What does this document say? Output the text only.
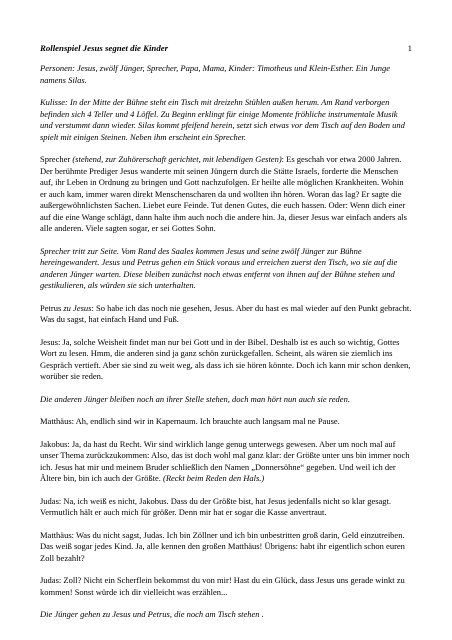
Rollenspiel Jesus segnet die Kinder	1

Personen: Jesus, zwölf Jünger, Sprecher, Papa, Mama, Kinder: Timotheus und Klein-Esther. Ein Junge namens Silas.

Kulisse: In der Mitte der Bühne steht ein Tisch mit dreizehn Stühlen außen herum. Am Rand verborgen befinden sich 4 Teller und 4 Löffel. Zu Beginn erklingt für einige Momente fröhliche instrumentale Musik und verstummt dann wieder. Silas kommt pfeifend herein, setzt sich etwas vor dem Tisch auf den Boden und spielt mit einigen Steinen. Neben ihm erscheint ein Sprecher.

Sprecher (stehend, zur Zuhörerschaft gerichtet, mit lebendigen Gesten): Es geschah vor etwa 2000 Jahren. Der berühmte Prediger Jesus wanderte mit seinen Jüngern durch die Stätte Israels, forderte die Menschen auf, ihr Leben in Ordnung zu bringen und Gott nachzufolgen. Er heilte alle möglichen Krankheiten. Wohin er auch kam, immer waren direkt Menschenscharen da und wollten ihn hören. Woran das lag? Er sagte die außergewöhnlichsten Sachen. Liebet eure Feinde. Tut denen Gutes, die euch hassen. Oder: Wenn dich einer auf die eine Wange schlägt, dann halte ihm auch noch die andere hin. Ja, dieser Jesus war einfach anders als alle anderen. Viele sagten sogar, er sei Gottes Sohn.

Sprecher tritt zur Seite. Vom Rand des Saales kommen Jesus und seine zwölf Jünger zur Bühne hereingewandert. Jesus und Petrus gehen ein Stück voraus und erreichen zuerst den Tisch, wo sie auf die anderen Jünger warten. Diese bleiben zunächst noch etwas entfernt von ihnen auf der Bühne stehen und gestikulieren, als würden sie sich unterhalten.

Petrus zu Jesus: So habe ich das noch nie gesehen, Jesus. Aber du hast es mal wieder auf den Punkt gebracht. Was du sagst, hat einfach Hand und Fuß.

Jesus: Ja, solche Weisheit findet man nur bei Gott und in der Bibel. Deshalb ist es auch so wichtig, Gottes Wort zu lesen. Hmm, die anderen sind ja ganz schön zurückgefallen. Scheint, als wären sie ziemlich ins Gespräch vertieft. Aber sie sind zu weit weg, als dass ich sie hören könnte. Doch ich kann mir schon denken, worüber sie reden.

Die anderen Jünger bleiben noch an ihrer Stelle stehen, doch man hört nun auch sie reden.

Matthäus: Ah, endlich sind wir in Kapernaum. Ich brauchte auch langsam mal ne Pause.

Jakobus: Ja, da hast du Recht. Wir sind wirklich lange genug unterwegs gewesen. Aber um noch mal auf unser Thema zurückzukommen: Also, das ist doch wohl mal ganz klar: der Größte unter uns bin immer noch ich. Jesus hat mir und meinem Bruder schließlich den Namen „Donnersöhne“ gegeben. Und weil ich der Ältere bin, bin ich auch der Größte. (Reckt beim Reden den Hals.)

Judas: Na, ich weiß es nicht, Jakobus. Dass du der Größte bist, hat Jesus jedenfalls nicht so klar gesagt. Vermutlich hält er auch mich für größer. Denn mir hat er sogar die Kasse anvertraut.

Matthäus: Was du nicht sagst, Judas. Ich bin Zöllner und ich bin unbestritten groß darin, Geld einzutreiben. Das weiß sogar jedes Kind. Ja, alle kennen den großen Matthäus! Übrigens: habt ihr eigentlich schon euren Zoll bezahlt?

Judas: Zoll? Nicht ein Scherflein bekommst du von mir! Hast du ein Glück, dass Jesus uns gerade winkt zu kommen! Sonst würde ich dir vielleicht was erzählen...

Die Jünger gehen zu Jesus und Petrus, die noch am Tisch stehen .
